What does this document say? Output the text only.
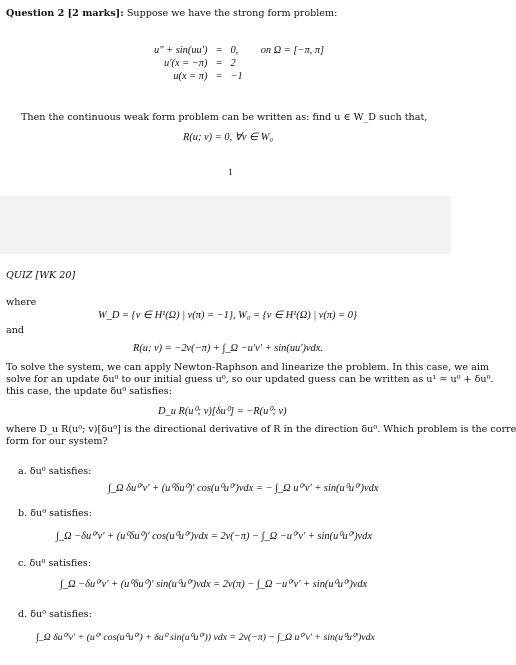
Question 2 [2 marks]: Suppose we have the strong form problem:
u″ + sin(uu′)	=	0,	on Ω = [−π, π]
u′(x = −π)	=	2	
u(x = π)	=	−1	
Then the continuous weak form problem can be written as: find u ∈ W_D such that,
R(u; v) = 0, ∀v ∈ W₀
1
QUIZ [WK 20]
where
W_D = {v ∈ H¹(Ω) | v(π) = −1}, W₀ = {v ∈ H¹(Ω) | v(π) = 0}
and
R(u; v) = −2v(−π) + ∫_Ω −u′v′ + sin(uu′)vdx.
To solve the system, we can apply Newton-Raphson and linearize the problem. In this case, we aim
solve for an update δu⁰ to our initial guess u⁰, so our updated guess can be written as u¹ = u⁰ + δu⁰.
this case, the update δu⁰ satisfies:
D_u R(u⁰; v)[δu⁰] = −R(u⁰; v)
where D_u R(u⁰; v)[δu⁰] is the directional derivative of R in the direction δu⁰. Which problem is the corre
form for our system?
a. δu⁰ satisfies:
∫_Ω δu⁰′v′ + (u⁰δu⁰)′ cos(u⁰u⁰′)vdx = − ∫_Ω u⁰′v′ + sin(u⁰u⁰′)vdx
b. δu⁰ satisfies:
∫_Ω −δu⁰′v′ + (u⁰δu⁰)′ cos(u⁰u⁰′)vdx = 2v(−π) − ∫_Ω −u⁰′v′ + sin(u⁰u⁰′)vdx
c. δu⁰ satisfies:
∫_Ω −δu⁰′v′ + (u⁰δu⁰)′ sin(u⁰u⁰′)vdx = 2v(π) − ∫_Ω −u⁰′v′ + sin(u⁰u⁰′)vdx
d. δu⁰ satisfies:
∫_Ω δu⁰′v′ + (u⁰′ cos(u⁰u⁰′) + δu⁰ sin(u⁰u⁰′)) vdx = 2v(−π) − ∫_Ω u⁰′v′ + sin(u⁰u⁰′)vdx
